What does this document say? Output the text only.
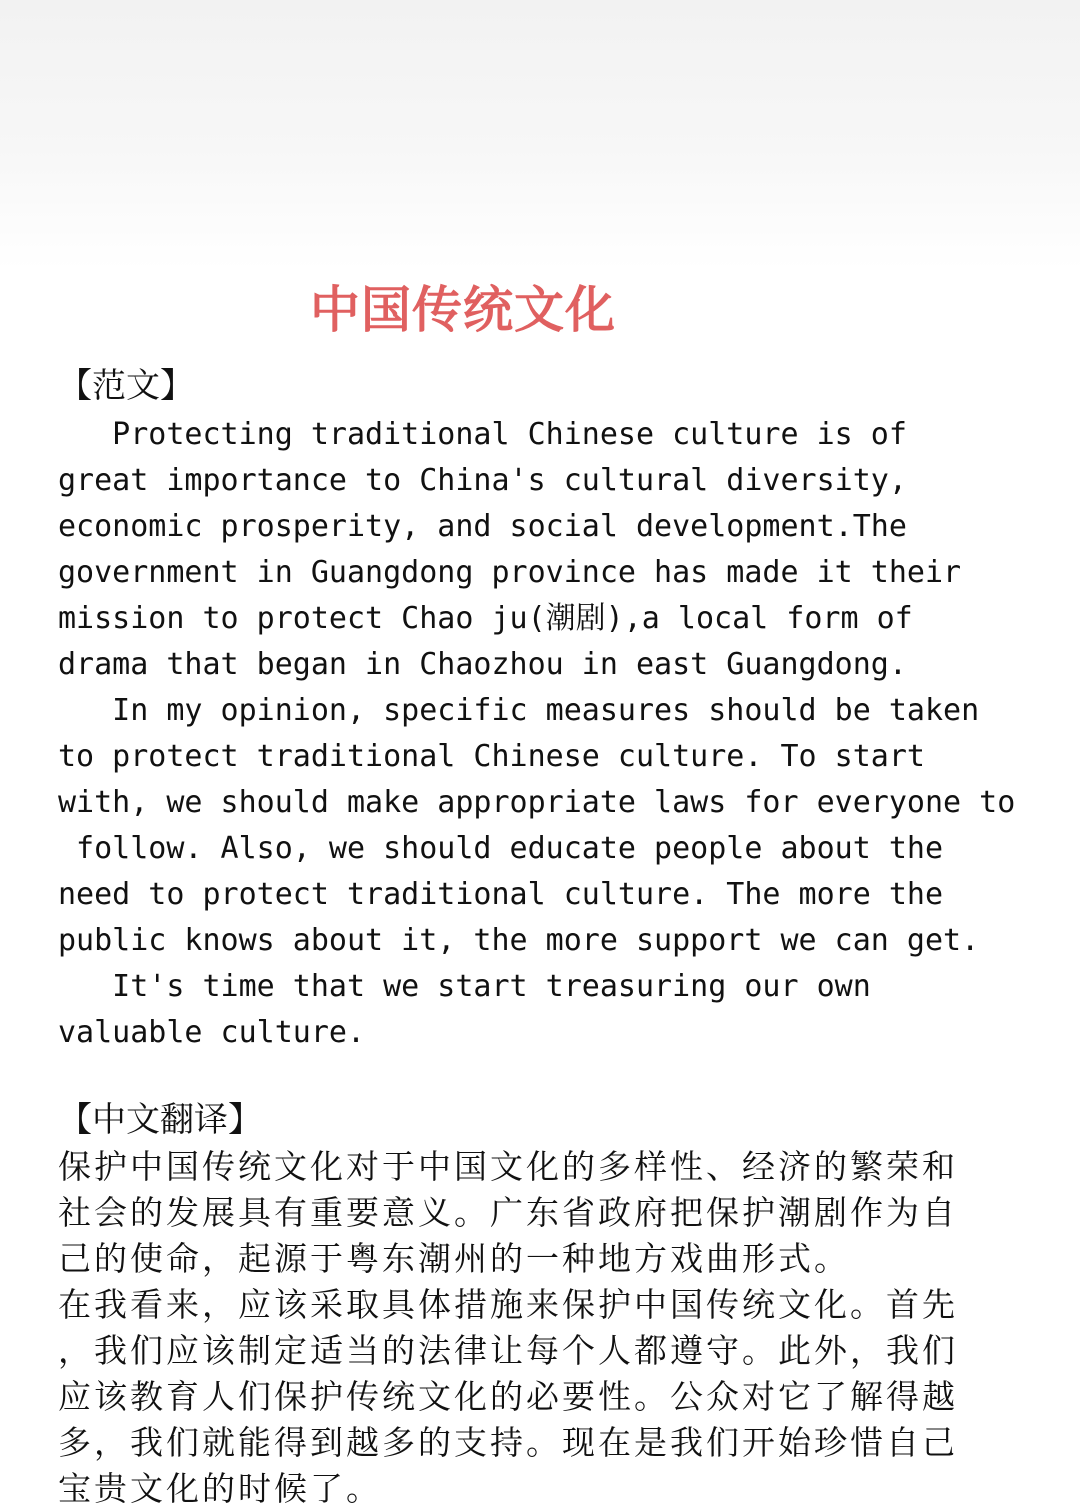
中国传统文化
【范文】
Protecting traditional Chinese culture is of
great importance to China's cultural diversity,
economic prosperity, and social development.The
government in Guangdong province has made it their
mission to protect Chao ju(潮剧),a local form of
drama that began in Chaozhou in east Guangdong.
In my opinion, specific measures should be taken
to protect traditional Chinese culture. To start
with, we should make appropriate laws for everyone to
follow. Also, we should educate people about the
need to protect traditional culture. The more the
public knows about it, the more support we can get.
It's time that we start treasuring our own
valuable culture.
【中文翻译】
保护中国传统文化对于中国文化的多样性、经济的繁荣和
社会的发展具有重要意义。广东省政府把保护潮剧作为自
己的使命，起源于粤东潮州的一种地方戏曲形式。
在我看来，应该采取具体措施来保护中国传统文化。首先
，我们应该制定适当的法律让每个人都遵守。此外，我们
应该教育人们保护传统文化的必要性。公众对它了解得越
多，我们就能得到越多的支持。现在是我们开始珍惜自己
宝贵文化的时候了。
